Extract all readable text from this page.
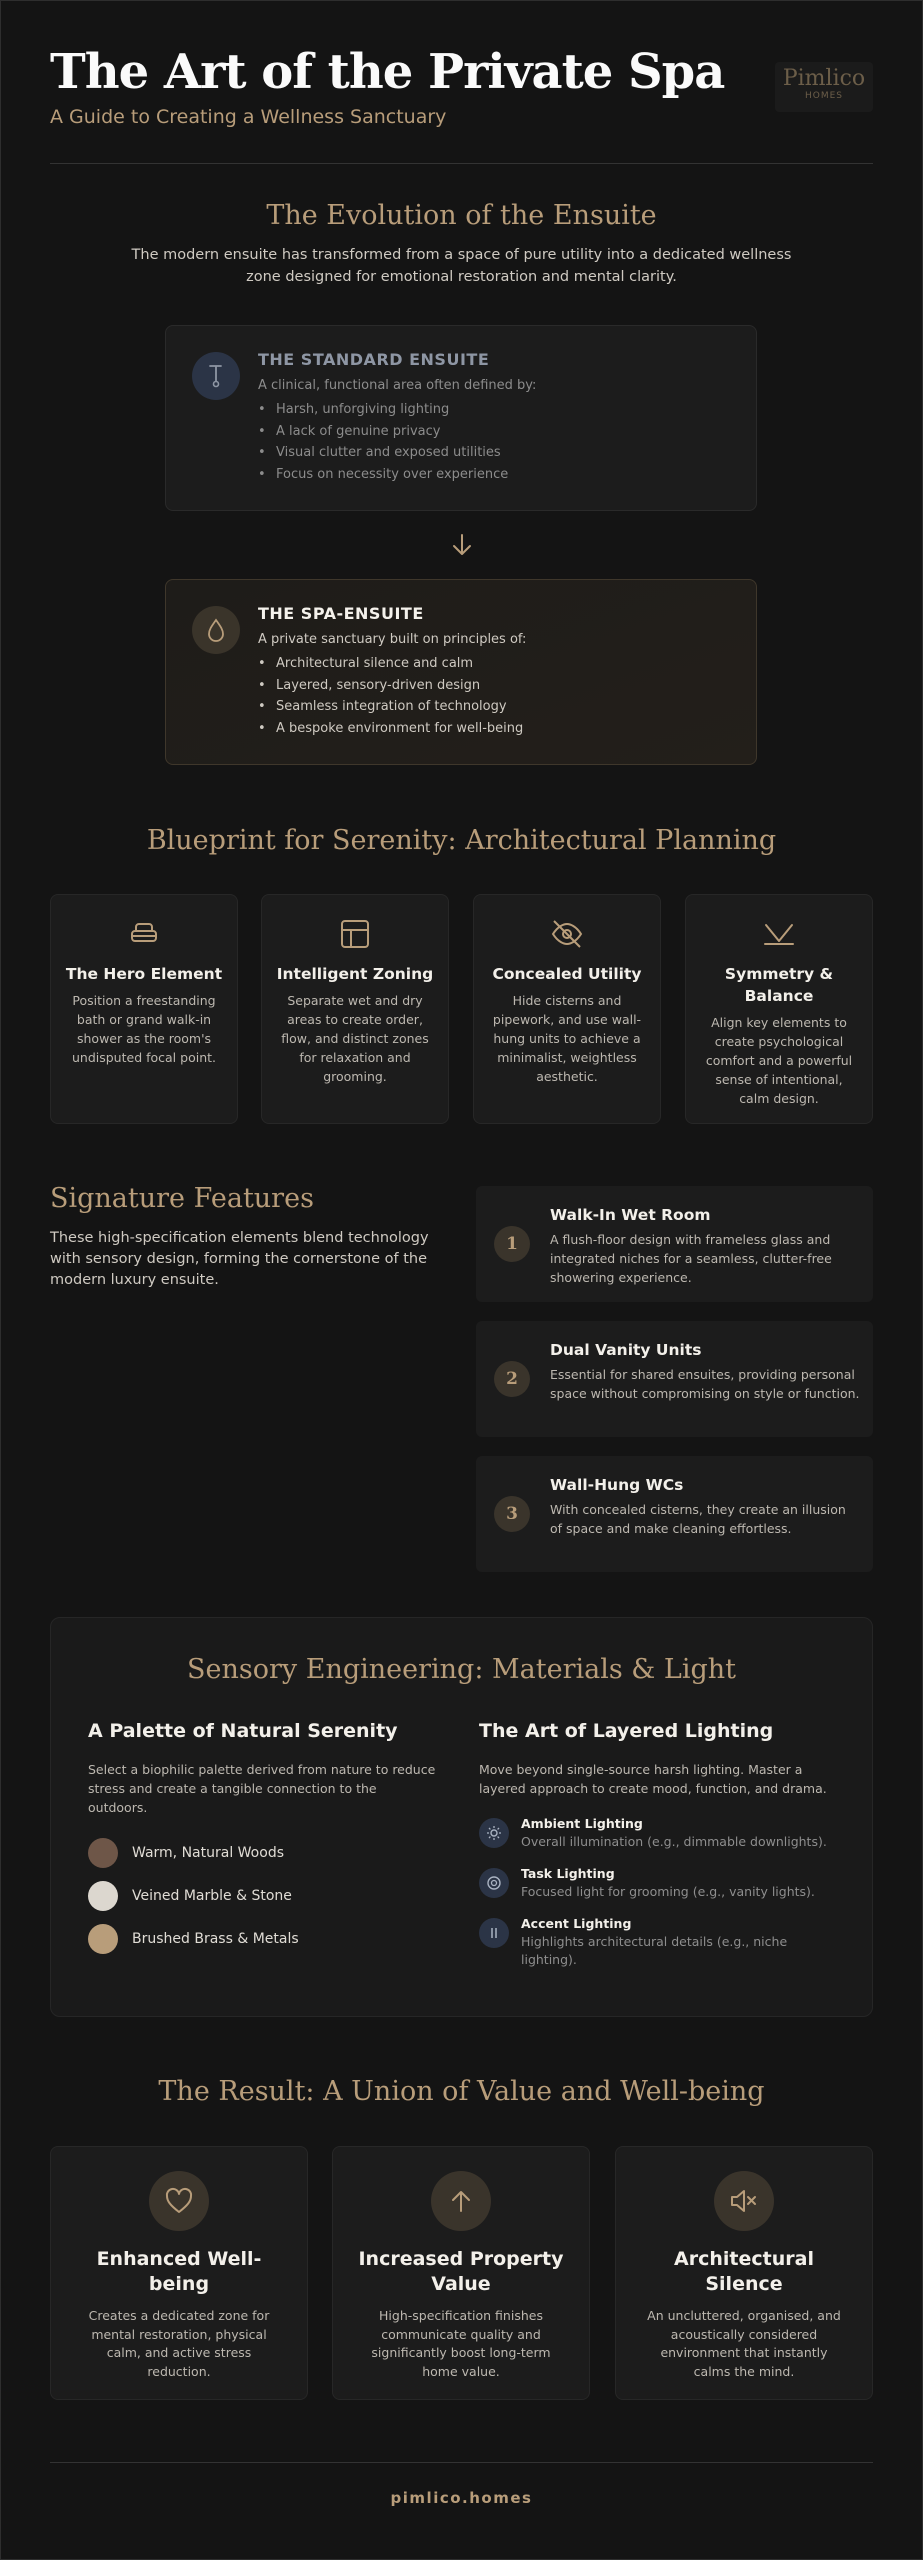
The Art of the Private Spa
A Guide to Creating a Wellness Sanctuary
Pimlico
HOMES
The Evolution of the Ensuite
The modern ensuite has transformed from a space of pure utility into a dedicated wellness zone designed for emotional restoration and mental clarity.
THE STANDARD ENSUITE
A clinical, functional area often defined by:
• Harsh, unforgiving lighting
• A lack of genuine privacy
• Visual clutter and exposed utilities
• Focus on necessity over experience
THE SPA-ENSUITE
A private sanctuary built on principles of:
• Architectural silence and calm
• Layered, sensory-driven design
• Seamless integration of technology
• A bespoke environment for well-being
Blueprint for Serenity: Architectural Planning
The Hero Element

Position a freestanding bath or grand walk-in shower as the room's undisputed focal point.

Intelligent Zoning

Separate wet and dry areas to create order, flow, and distinct zones for relaxation and grooming.

Concealed Utility

Hide cisterns and pipework, and use wall-hung units to achieve a minimalist, weightless aesthetic.

Symmetry & Balance

Align key elements to create psychological comfort and a powerful sense of intentional, calm design.

Signature Features
These high-specification elements blend technology with sensory design, forming the cornerstone of the modern luxury ensuite.
1
Walk-In Wet Room

A flush-floor design with frameless glass and integrated niches for a seamless, clutter-free showering experience.

2
Dual Vanity Units

Essential for shared ensuites, providing personal space without compromising on style or function.

3
Wall-Hung WCs

With concealed cisterns, they create an illusion of space and make cleaning effortless.

Sensory Engineering: Materials & Light
A Palette of Natural Serenity
Select a biophilic palette derived from nature to reduce stress and create a tangible connection to the outdoors.
Warm, Natural Woods
Veined Marble & Stone
Brushed Brass & Metals
The Art of Layered Lighting
Move beyond single-source harsh lighting. Master a layered approach to create mood, function, and drama.
Ambient Lighting

Overall illumination (e.g., dimmable downlights).

Task Lighting

Focused light for grooming (e.g., vanity lights).

Accent Lighting

Highlights architectural details (e.g., niche lighting).

The Result: A Union of Value and Well-being
Enhanced Well-being

Creates a dedicated zone for mental restoration, physical calm, and active stress reduction.

Increased Property Value

High-specification finishes communicate quality and significantly boost long-term home value.

Architectural Silence

An uncluttered, organised, and acoustically considered environment that instantly calms the mind.

pimlico.homes
